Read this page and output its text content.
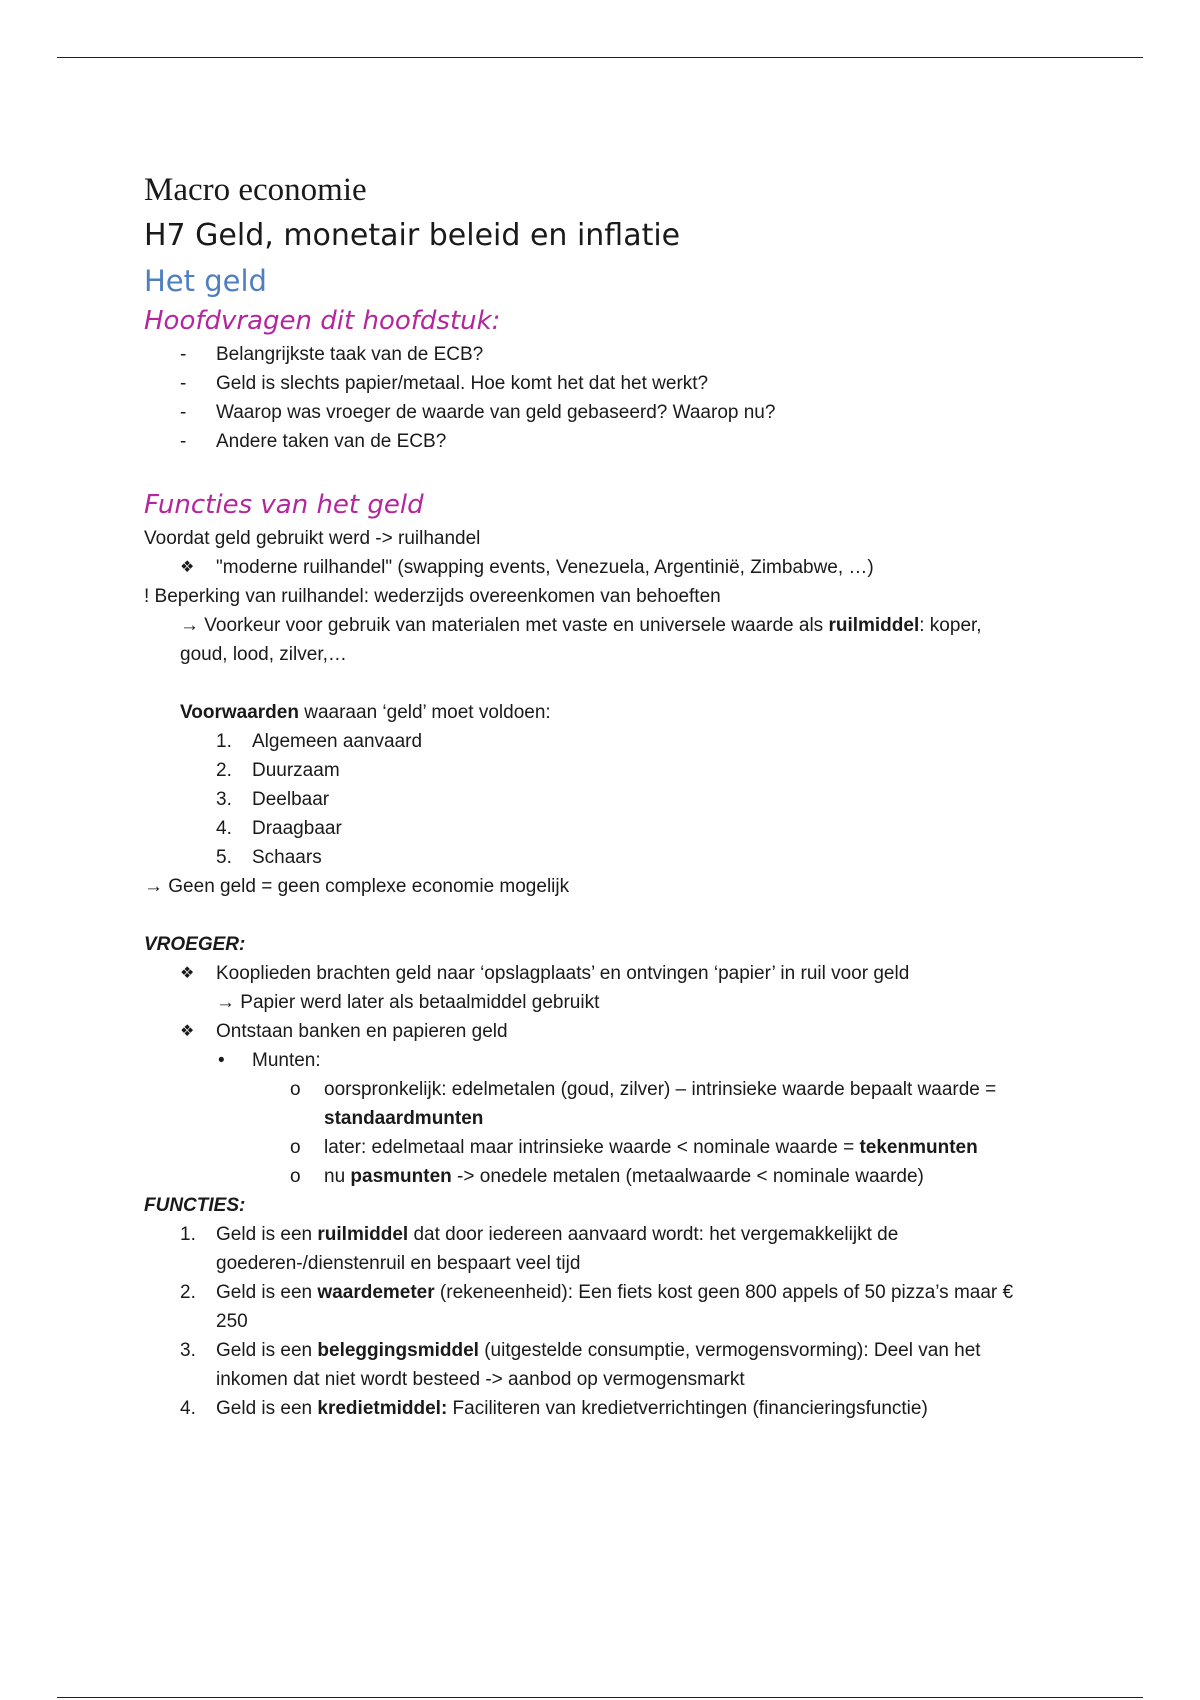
Macro economie
H7 Geld, monetair beleid en inflatie
Het geld
Hoofdvragen dit hoofdstuk:
- Belangrijkste taak van de ECB?
- Geld is slechts papier/metaal. Hoe komt het dat het werkt?
- Waarop was vroeger de waarde van geld gebaseerd? Waarop nu?
- Andere taken van de ECB?
Functies van het geld
Voordat geld gebruikt werd -> ruilhandel
❖ "moderne ruilhandel" (swapping events, Venezuela, Argentinië, Zimbabwe, …)
! Beperking van ruilhandel: wederzijds overeenkomen van behoeften
→ Voorkeur voor gebruik van materialen met vaste en universele waarde als ruilmiddel: koper,
goud, lood, zilver,…
Voorwaarden waaraan ‘geld’ moet voldoen:
1. Algemeen aanvaard
2. Duurzaam
3. Deelbaar
4. Draagbaar
5. Schaars
→ Geen geld = geen complexe economie mogelijk
VROEGER:
❖ Kooplieden brachten geld naar ‘opslagplaats’ en ontvingen ‘papier’ in ruil voor geld
→ Papier werd later als betaalmiddel gebruikt
❖ Ontstaan banken en papieren geld
• Munten:
o oorspronkelijk: edelmetalen (goud, zilver) – intrinsieke waarde bepaalt waarde =
standaardmunten
o later: edelmetaal maar intrinsieke waarde < nominale waarde = tekenmunten
o nu pasmunten -> onedele metalen (metaalwaarde < nominale waarde)
FUNCTIES:
1. Geld is een ruilmiddel dat door iedereen aanvaard wordt: het vergemakkelijkt de
goederen-/dienstenruil en bespaart veel tijd
2. Geld is een waardemeter (rekeneenheid): Een fiets kost geen 800 appels of 50 pizza’s maar €
250
3. Geld is een beleggingsmiddel (uitgestelde consumptie, vermogensvorming): Deel van het
inkomen dat niet wordt besteed -> aanbod op vermogensmarkt
4. Geld is een kredietmiddel: Faciliteren van kredietverrichtingen (financieringsfunctie)
